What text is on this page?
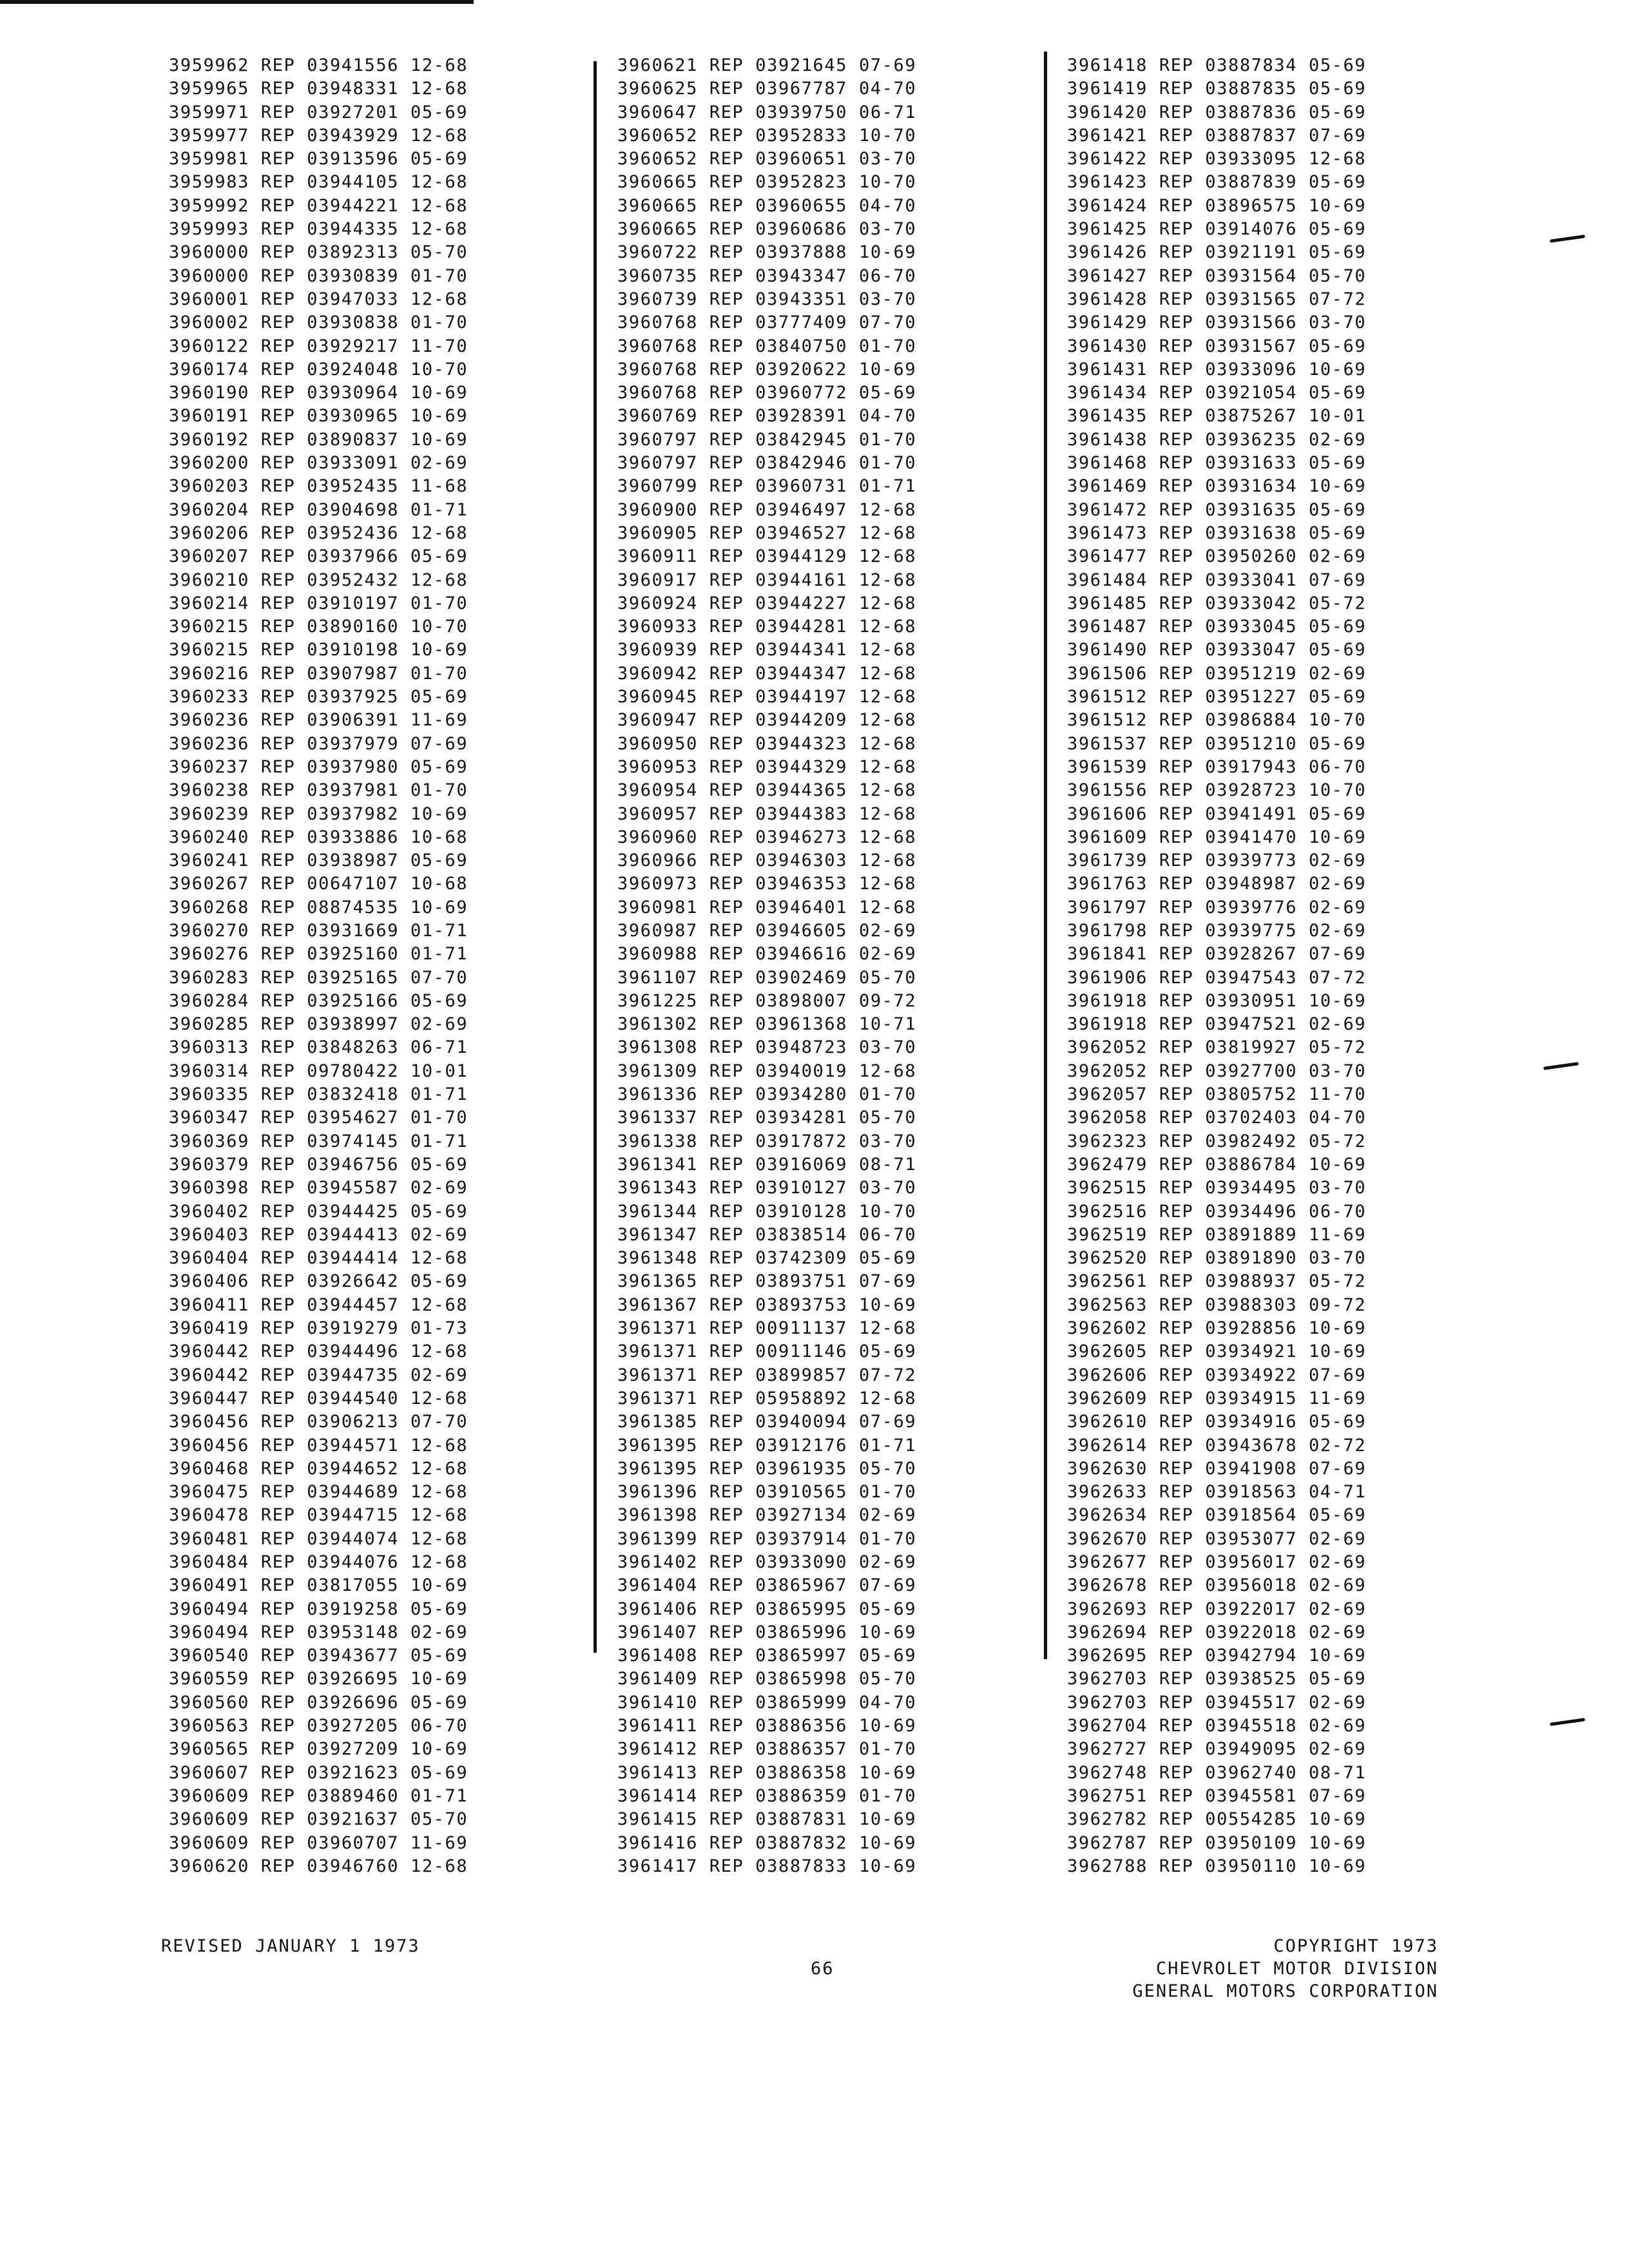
3959962 REP 03941556 12-68
3959965 REP 03948331 12-68
3959971 REP 03927201 05-69
3959977 REP 03943929 12-68
3959981 REP 03913596 05-69
3959983 REP 03944105 12-68
3959992 REP 03944221 12-68
3959993 REP 03944335 12-68
3960000 REP 03892313 05-70
3960000 REP 03930839 01-70
3960001 REP 03947033 12-68
3960002 REP 03930838 01-70
3960122 REP 03929217 11-70
3960174 REP 03924048 10-70
3960190 REP 03930964 10-69
3960191 REP 03930965 10-69
3960192 REP 03890837 10-69
3960200 REP 03933091 02-69
3960203 REP 03952435 11-68
3960204 REP 03904698 01-71
3960206 REP 03952436 12-68
3960207 REP 03937966 05-69
3960210 REP 03952432 12-68
3960214 REP 03910197 01-70
3960215 REP 03890160 10-70
3960215 REP 03910198 10-69
3960216 REP 03907987 01-70
3960233 REP 03937925 05-69
3960236 REP 03906391 11-69
3960236 REP 03937979 07-69
3960237 REP 03937980 05-69
3960238 REP 03937981 01-70
3960239 REP 03937982 10-69
3960240 REP 03933886 10-68
3960241 REP 03938987 05-69
3960267 REP 00647107 10-68
3960268 REP 08874535 10-69
3960270 REP 03931669 01-71
3960276 REP 03925160 01-71
3960283 REP 03925165 07-70
3960284 REP 03925166 05-69
3960285 REP 03938997 02-69
3960313 REP 03848263 06-71
3960314 REP 09780422 10-01
3960335 REP 03832418 01-71
3960347 REP 03954627 01-70
3960369 REP 03974145 01-71
3960379 REP 03946756 05-69
3960398 REP 03945587 02-69
3960402 REP 03944425 05-69
3960403 REP 03944413 02-69
3960404 REP 03944414 12-68
3960406 REP 03926642 05-69
3960411 REP 03944457 12-68
3960419 REP 03919279 01-73
3960442 REP 03944496 12-68
3960442 REP 03944735 02-69
3960447 REP 03944540 12-68
3960456 REP 03906213 07-70
3960456 REP 03944571 12-68
3960468 REP 03944652 12-68
3960475 REP 03944689 12-68
3960478 REP 03944715 12-68
3960481 REP 03944074 12-68
3960484 REP 03944076 12-68
3960491 REP 03817055 10-69
3960494 REP 03919258 05-69
3960494 REP 03953148 02-69
3960540 REP 03943677 05-69
3960559 REP 03926695 10-69
3960560 REP 03926696 05-69
3960563 REP 03927205 06-70
3960565 REP 03927209 10-69
3960607 REP 03921623 05-69
3960609 REP 03889460 01-71
3960609 REP 03921637 05-70
3960609 REP 03960707 11-69
3960620 REP 03946760 12-68
3960621 REP 03921645 07-69
3960625 REP 03967787 04-70
3960647 REP 03939750 06-71
3960652 REP 03952833 10-70
3960652 REP 03960651 03-70
3960665 REP 03952823 10-70
3960665 REP 03960655 04-70
3960665 REP 03960686 03-70
3960722 REP 03937888 10-69
3960735 REP 03943347 06-70
3960739 REP 03943351 03-70
3960768 REP 03777409 07-70
3960768 REP 03840750 01-70
3960768 REP 03920622 10-69
3960768 REP 03960772 05-69
3960769 REP 03928391 04-70
3960797 REP 03842945 01-70
3960797 REP 03842946 01-70
3960799 REP 03960731 01-71
3960900 REP 03946497 12-68
3960905 REP 03946527 12-68
3960911 REP 03944129 12-68
3960917 REP 03944161 12-68
3960924 REP 03944227 12-68
3960933 REP 03944281 12-68
3960939 REP 03944341 12-68
3960942 REP 03944347 12-68
3960945 REP 03944197 12-68
3960947 REP 03944209 12-68
3960950 REP 03944323 12-68
3960953 REP 03944329 12-68
3960954 REP 03944365 12-68
3960957 REP 03944383 12-68
3960960 REP 03946273 12-68
3960966 REP 03946303 12-68
3960973 REP 03946353 12-68
3960981 REP 03946401 12-68
3960987 REP 03946605 02-69
3960988 REP 03946616 02-69
3961107 REP 03902469 05-70
3961225 REP 03898007 09-72
3961302 REP 03961368 10-71
3961308 REP 03948723 03-70
3961309 REP 03940019 12-68
3961336 REP 03934280 01-70
3961337 REP 03934281 05-70
3961338 REP 03917872 03-70
3961341 REP 03916069 08-71
3961343 REP 03910127 03-70
3961344 REP 03910128 10-70
3961347 REP 03838514 06-70
3961348 REP 03742309 05-69
3961365 REP 03893751 07-69
3961367 REP 03893753 10-69
3961371 REP 00911137 12-68
3961371 REP 00911146 05-69
3961371 REP 03899857 07-72
3961371 REP 05958892 12-68
3961385 REP 03940094 07-69
3961395 REP 03912176 01-71
3961395 REP 03961935 05-70
3961396 REP 03910565 01-70
3961398 REP 03927134 02-69
3961399 REP 03937914 01-70
3961402 REP 03933090 02-69
3961404 REP 03865967 07-69
3961406 REP 03865995 05-69
3961407 REP 03865996 10-69
3961408 REP 03865997 05-69
3961409 REP 03865998 05-70
3961410 REP 03865999 04-70
3961411 REP 03886356 10-69
3961412 REP 03886357 01-70
3961413 REP 03886358 10-69
3961414 REP 03886359 01-70
3961415 REP 03887831 10-69
3961416 REP 03887832 10-69
3961417 REP 03887833 10-69
3961418 REP 03887834 05-69
3961419 REP 03887835 05-69
3961420 REP 03887836 05-69
3961421 REP 03887837 07-69
3961422 REP 03933095 12-68
3961423 REP 03887839 05-69
3961424 REP 03896575 10-69
3961425 REP 03914076 05-69
3961426 REP 03921191 05-69
3961427 REP 03931564 05-70
3961428 REP 03931565 07-72
3961429 REP 03931566 03-70
3961430 REP 03931567 05-69
3961431 REP 03933096 10-69
3961434 REP 03921054 05-69
3961435 REP 03875267 10-01
3961438 REP 03936235 02-69
3961468 REP 03931633 05-69
3961469 REP 03931634 10-69
3961472 REP 03931635 05-69
3961473 REP 03931638 05-69
3961477 REP 03950260 02-69
3961484 REP 03933041 07-69
3961485 REP 03933042 05-72
3961487 REP 03933045 05-69
3961490 REP 03933047 05-69
3961506 REP 03951219 02-69
3961512 REP 03951227 05-69
3961512 REP 03986884 10-70
3961537 REP 03951210 05-69
3961539 REP 03917943 06-70
3961556 REP 03928723 10-70
3961606 REP 03941491 05-69
3961609 REP 03941470 10-69
3961739 REP 03939773 02-69
3961763 REP 03948987 02-69
3961797 REP 03939776 02-69
3961798 REP 03939775 02-69
3961841 REP 03928267 07-69
3961906 REP 03947543 07-72
3961918 REP 03930951 10-69
3961918 REP 03947521 02-69
3962052 REP 03819927 05-72
3962052 REP 03927700 03-70
3962057 REP 03805752 11-70
3962058 REP 03702403 04-70
3962323 REP 03982492 05-72
3962479 REP 03886784 10-69
3962515 REP 03934495 03-70
3962516 REP 03934496 06-70
3962519 REP 03891889 11-69
3962520 REP 03891890 03-70
3962561 REP 03988937 05-72
3962563 REP 03988303 09-72
3962602 REP 03928856 10-69
3962605 REP 03934921 10-69
3962606 REP 03934922 07-69
3962609 REP 03934915 11-69
3962610 REP 03934916 05-69
3962614 REP 03943678 02-72
3962630 REP 03941908 07-69
3962633 REP 03918563 04-71
3962634 REP 03918564 05-69
3962670 REP 03953077 02-69
3962677 REP 03956017 02-69
3962678 REP 03956018 02-69
3962693 REP 03922017 02-69
3962694 REP 03922018 02-69
3962695 REP 03942794 10-69
3962703 REP 03938525 05-69
3962703 REP 03945517 02-69
3962704 REP 03945518 02-69
3962727 REP 03949095 02-69
3962748 REP 03962740 08-71
3962751 REP 03945581 07-69
3962782 REP 00554285 10-69
3962787 REP 03950109 10-69
3962788 REP 03950110 10-69
REVISED JANUARY 1 1973
66
COPYRIGHT 1973
CHEVROLET MOTOR DIVISION
GENERAL MOTORS CORPORATION
